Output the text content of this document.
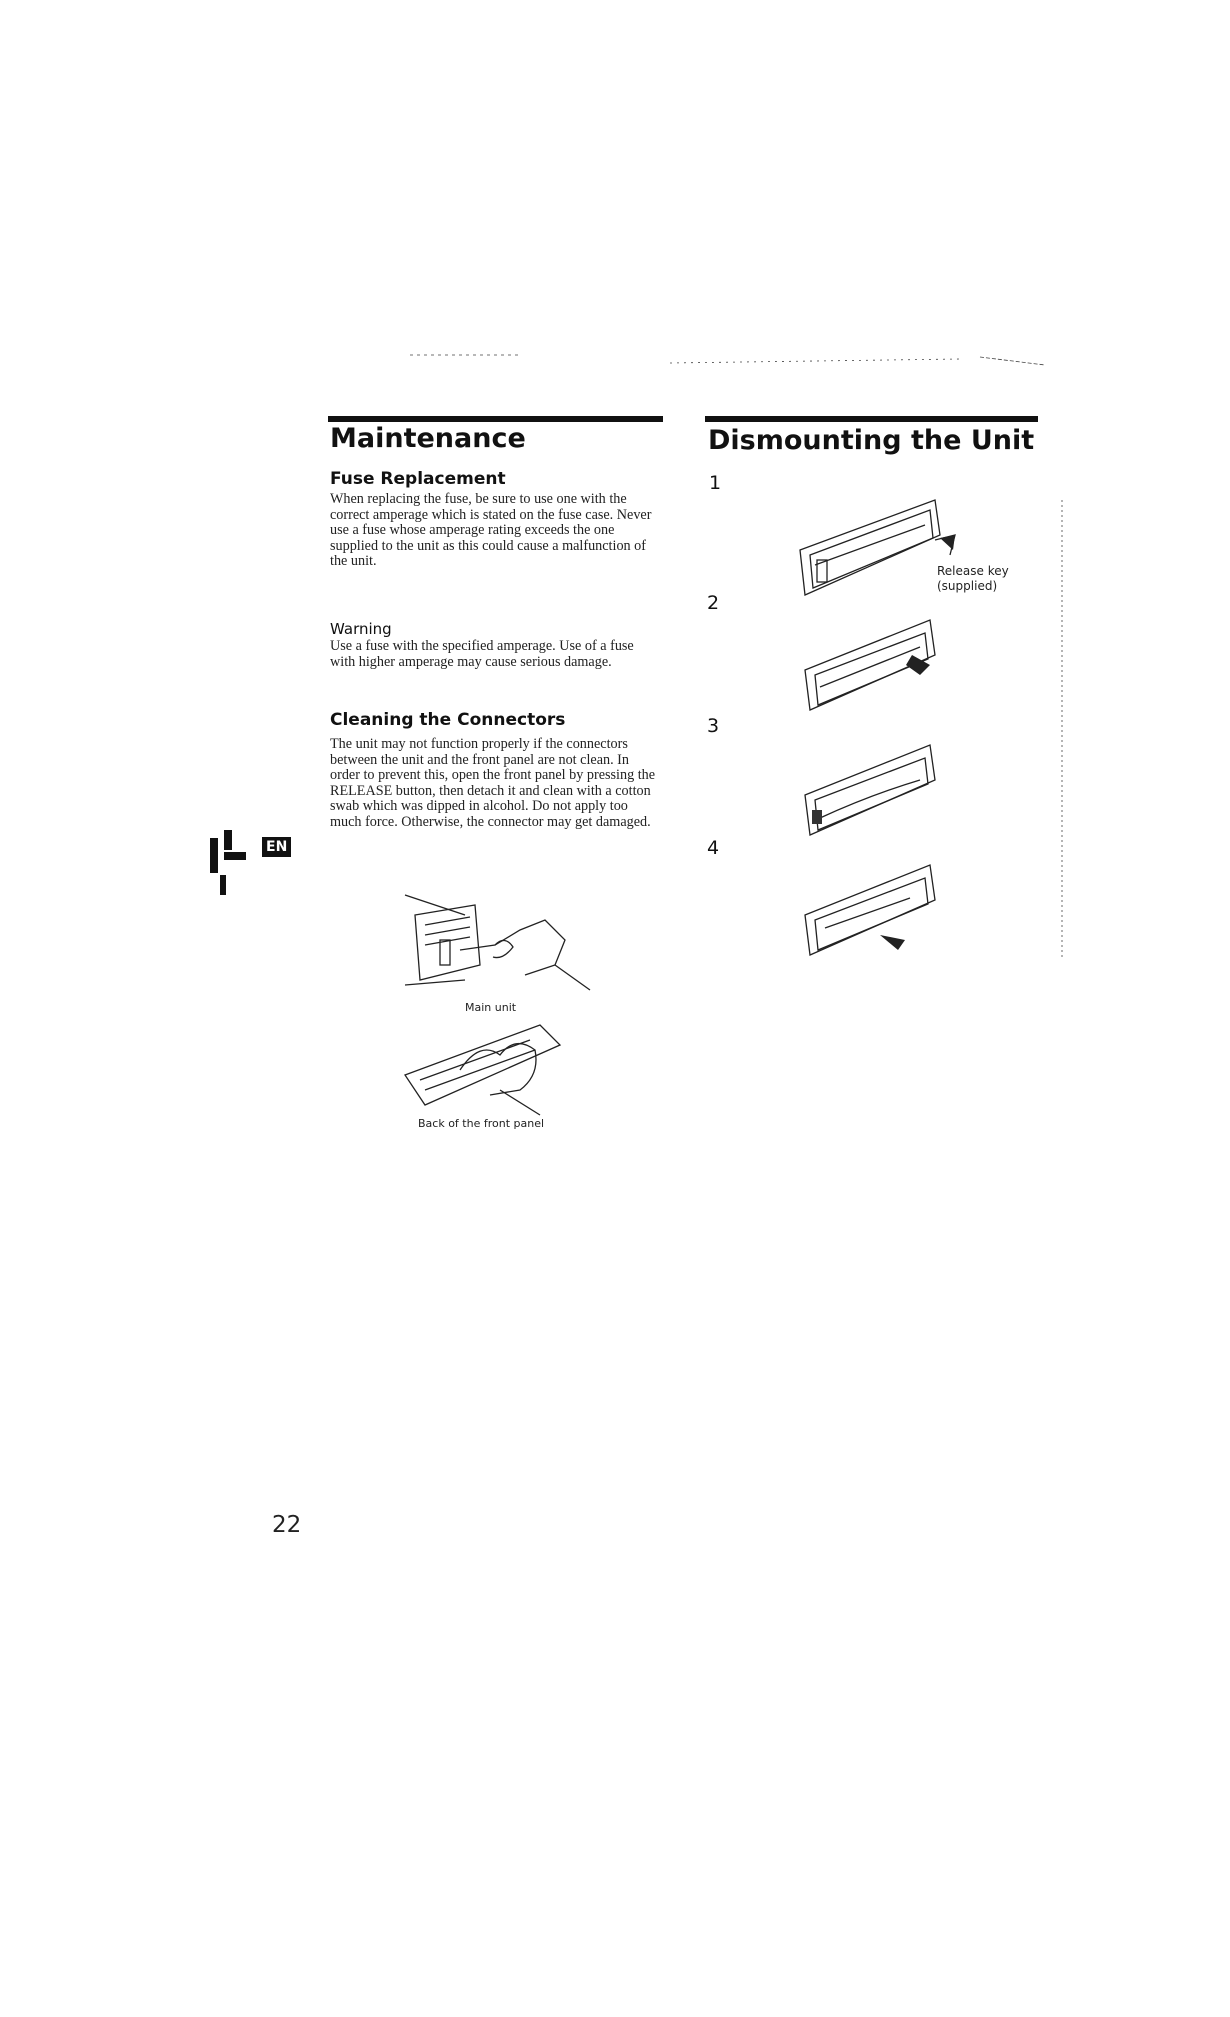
Maintenance
Fuse Replacement
When replacing the fuse, be sure to use one with the correct amperage which is stated on the fuse case. Never use a fuse whose amperage rating exceeds the one supplied to the unit as this could cause a malfunction of the unit.
Warning
Use a fuse with the specified amperage. Use of a fuse with higher amperage may cause serious damage.
Cleaning the Connectors
The unit may not function properly if the connectors between the unit and the front panel are not clean. In order to prevent this, open the front panel by pressing the RELEASE button, then detach it and clean with a cotton swab which was dipped in alcohol. Do not apply too much force. Otherwise, the connector may get damaged.
Main unit
Back of the front panel
EN
Dismounting the Unit
1
2
3
4
Release key
(supplied)
22
